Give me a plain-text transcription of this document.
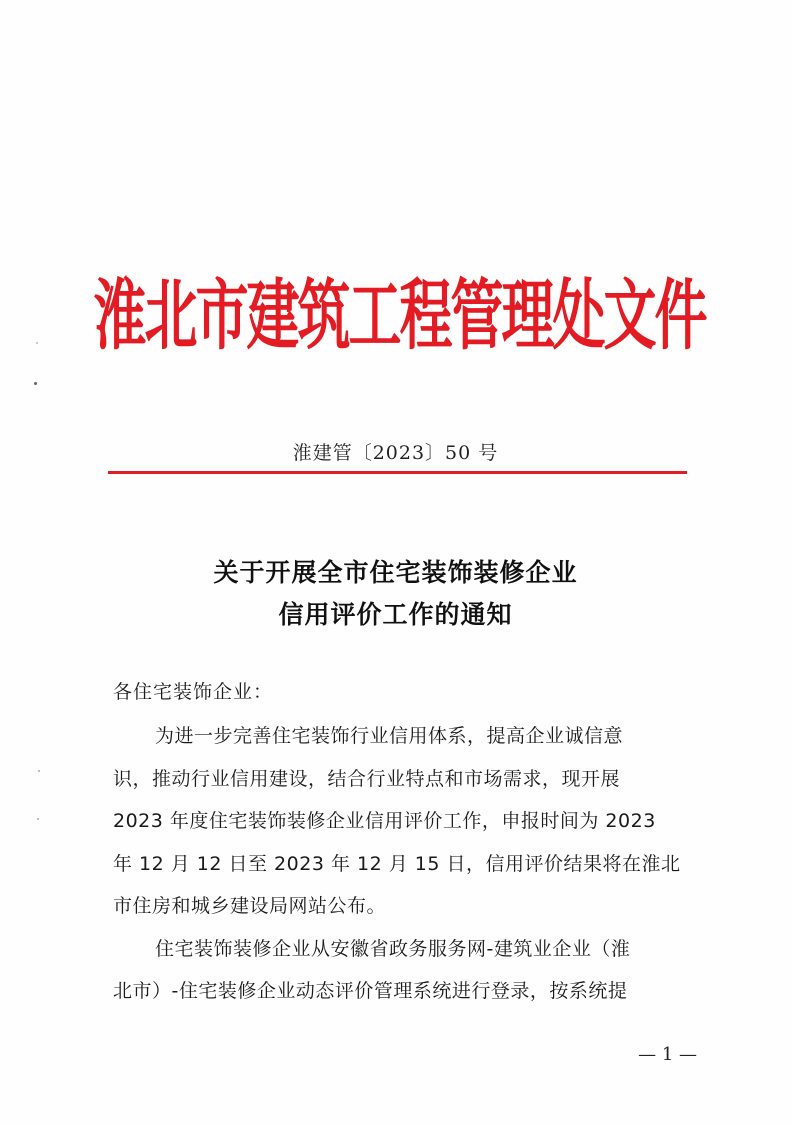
淮北市建筑工程管理处文件
淮建管〔2023〕50 号
关于开展全市住宅装饰装修企业
信用评价工作的通知
各住宅装饰企业：
为进一步完善住宅装饰行业信用体系，提高企业诚信意
识，推动行业信用建设，结合行业特点和市场需求，现开展
2023 年度住宅装饰装修企业信用评价工作，申报时间为 2023
年 12 月 12 日至 2023 年 12 月 15 日，信用评价结果将在淮北
市住房和城乡建设局网站公布。
住宅装饰装修企业从安徽省政务服务网-建筑业企业（淮
北市）-住宅装修企业动态评价管理系统进行登录，按系统提
— 1 —
